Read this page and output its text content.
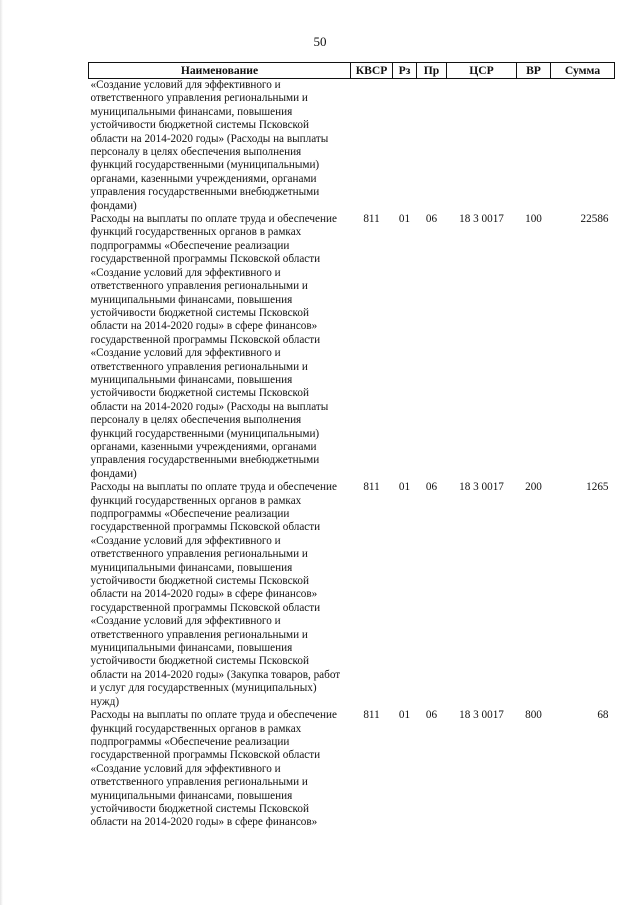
50
Наименование	КВСР	Рз	Пр	ЦСР	ВР	Сумма
«Создание условий для эффективного и ответственного управления региональными и муниципальными финансами, повышения устойчивости бюджетной системы Псковской области на 2014-2020 годы» (Расходы на выплаты персоналу в целях обеспечения выполнения функций государственными (муниципальными) органами, казенными учреждениями, органами управления государственными внебюджетными фондами)						
Расходы на выплаты по оплате труда и обеспечение функций государственных органов в рамках подпрограммы «Обеспечение реализации государственной программы Псковской области «Создание условий для эффективного и ответственного управления региональными и муниципальными финансами, повышения устойчивости бюджетной системы Псковской области на 2014-2020 годы» в сфере финансов» государственной программы Псковской области «Создание условий для эффективного и ответственного управления региональными и муниципальными финансами, повышения устойчивости бюджетной системы Псковской области на 2014-2020 годы» (Расходы на выплаты персоналу в целях обеспечения выполнения функций государственными (муниципальными) органами, казенными учреждениями, органами управления государственными внебюджетными фондами)	811	01	06	18 3 0017	100	22586
Расходы на выплаты по оплате труда и обеспечение функций государственных органов в рамках подпрограммы «Обеспечение реализации государственной программы Псковской области «Создание условий для эффективного и ответственного управления региональными и муниципальными финансами, повышения устойчивости бюджетной системы Псковской области на 2014-2020 годы» в сфере финансов» государственной программы Псковской области «Создание условий для эффективного и ответственного управления региональными и муниципальными финансами, повышения устойчивости бюджетной системы Псковской области на 2014-2020 годы» (Закупка товаров, работ и услуг для государственных (муниципальных) нужд)	811	01	06	18 3 0017	200	1265
Расходы на выплаты по оплате труда и обеспечение функций государственных органов в рамках подпрограммы «Обеспечение реализации государственной программы Псковской области «Создание условий для эффективного и ответственного управления региональными и муниципальными финансами, повышения устойчивости бюджетной системы Псковской области на 2014-2020 годы» в сфере финансов»	811	01	06	18 3 0017	800	68
